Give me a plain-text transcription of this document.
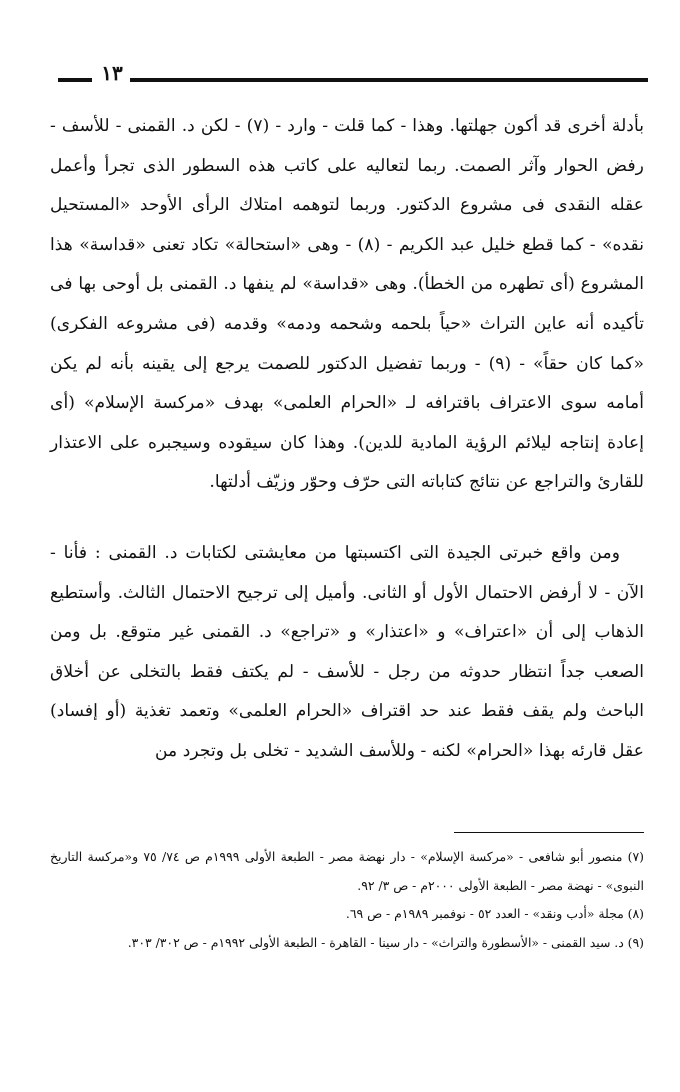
١٣

بأدلة أخرى قد أكون جهلتها. وهذا - كما قلت - وارد - (٧) - لكن د. القمنى - للأسف - رفض الحوار وآثر الصمت. ربما لتعاليه على كاتب هذه السطور الذى تجرأ وأعمل عقله النقدى فى مشروع الدكتور. وربما لتوهمه امتلاك الرأى الأوحد «المستحيل نقده» - كما قطع خليل عبد الكريم - (٨) - وهى «استحالة» تكاد تعنى «قداسة» هذا المشروع (أى تطهره من الخطأ). وهى «قداسة» لم ينفها د. القمنى بل أوحى بها فى تأكيده أنه عاين التراث «حياً بلحمه وشحمه ودمه» وقدمه (فى مشروعه الفكرى) «كما كان حقاً» - (٩) - وربما تفضيل الدكتور للصمت يرجع إلى يقينه بأنه لم يكن أمامه سوى الاعتراف باقترافه لـ «الحرام العلمى» بهدف «مركسة الإسلام» (أى إعادة إنتاجه ليلائم الرؤية المادية للدين). وهذا كان سيقوده وسيجبره على الاعتذار للقارئ والتراجع عن نتائج كتاباته التى حرّف وحوّر وزيّف أدلتها.

ومن واقع خبرتى الجيدة التى اكتسبتها من معايشتى لكتابات د. القمنى : فأنا - الآن - لا أرفض الاحتمال الأول أو الثانى. وأميل إلى ترجيح الاحتمال الثالث. وأستطيع الذهاب إلى أن «اعتراف» و «اعتذار» و «تراجع» د. القمنى غير متوقع. بل ومن الصعب جداً انتظار حدوثه من رجل - للأسف - لم يكتف فقط بالتخلى عن أخلاق الباحث ولم يقف فقط عند حد اقتراف «الحرام العلمى» وتعمد تغذية (أو إفساد) عقل قارئه بهذا «الحرام» لكنه - وللأسف الشديد - تخلى بل وتجرد من

(٧) منصور أبو شافعى - «مركسة الإسلام» - دار نهضة مصر - الطبعة الأولى ١٩٩٩م ص ٧٤/ ٧٥ و«مركسة التاريخ النبوى» - نهضة مصر - الطبعة الأولى ٢٠٠٠م - ص ٣/ ٩٢.

(٨) مجلة «أدب ونقد» - العدد ٥٢ - نوفمبر ١٩٨٩م - ص ٦٩.

(٩) د. سيد القمنى - «الأسطورة والتراث» - دار سينا - القاهرة - الطبعة الأولى ١٩٩٢م - ص ٣٠٢/ ٣٠٣.
